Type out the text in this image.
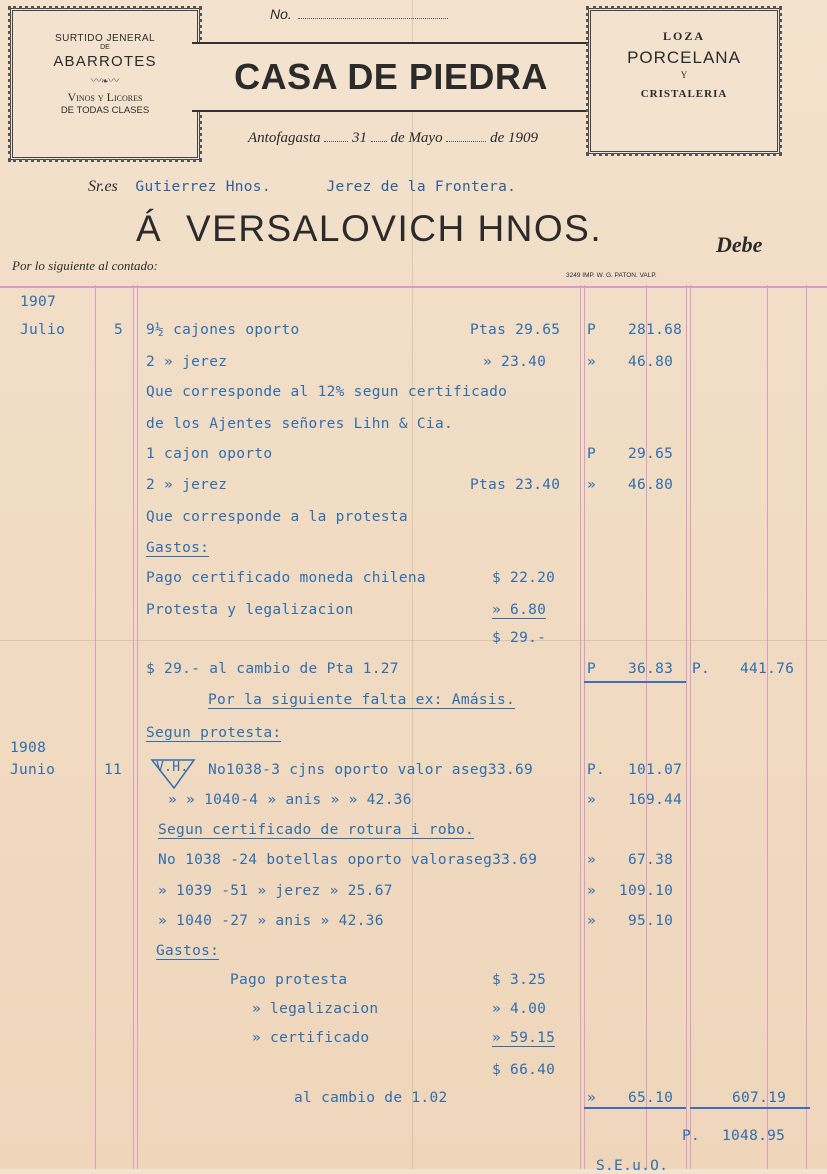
No.
SURTIDO JENERAL
DE
ABARROTES
〰❧〰
Vinos y Licores
DE TODAS CLASES
CASA DE PIEDRA
LOZA
PORCELANA
Y
CRISTALERIA
Antofagasta 31 de Mayo	de 1909
Sr.es Gutierrez Hnos.	Jerez de la Frontera.
Á VERSALOVICH HNOS.	Debe
Por lo siguiente al contado:
3249 IMP. W. G. PATON. VALP.
1907
Julio	5 9½ cajones oporto	Ptas 29.65 P 281.68
2 » jerez	» 23.40	» 46.80
Que corresponde al 12% segun certificado
de los Ajentes señores Lihn & Cia.
1 cajon oporto	P 29.65
2 » jerez	Ptas 23.40 » 46.80
Que corresponde a la protesta
Gastos:
Pago certificado moneda chilena	$ 22.20
Protesta y legalizacion	» 6.80
$ 29.-
$ 29.- al cambio de Pta 1.27	P 36.83 P. 441.76
Por la siguiente falta ex: Amásis.
Segun protesta:
1908
Junio	11	V.H. No1038-3 cjns oporto valor aseg33.69	P. 101.07
» » 1040-4 » anis » » 42.36	» 169.44
Segun certificado de rotura i robo.
No 1038 -24 botellas oporto valoraseg33.69	» 67.38
» 1039 -51 » jerez » 25.67	» 109.10
» 1040 -27 » anis » 42.36	» 95.10
Gastos:
Pago protesta	$ 3.25
» legalizacion	» 4.00
» certificado	» 59.15
$ 66.40
al cambio de 1.02	» 65.10	607.19
P. 1048.95
S.E.u.O.
